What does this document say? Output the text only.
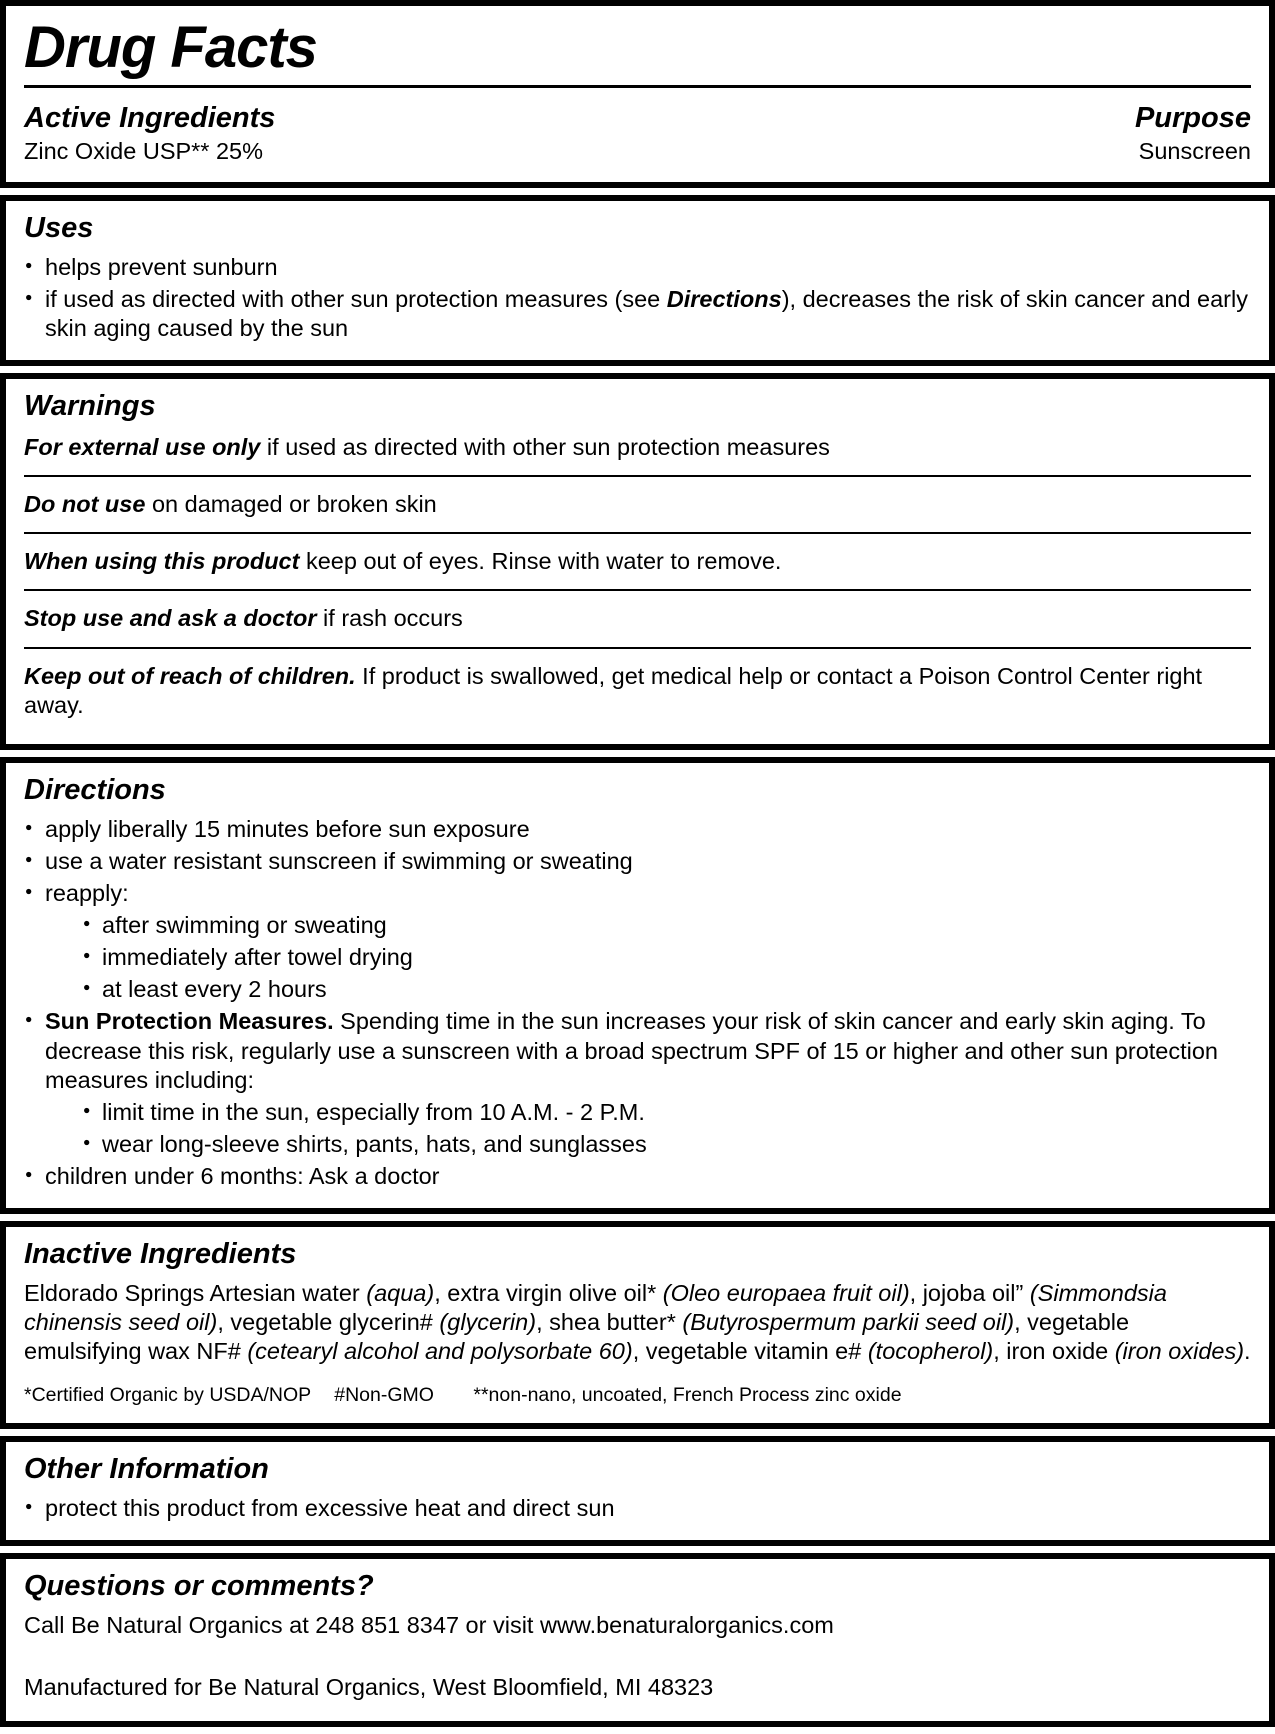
Drug Facts
Active Ingredients	Purpose
Zinc Oxide USP** 25%	Sunscreen
Uses
● helps prevent sunburn
● if used as directed with other sun protection measures (see Directions), decreases the risk of skin cancer and early skin aging caused by the sun
Warnings

For external use only if used as directed with other sun protection measures

Do not use on damaged or broken skin

When using this product keep out of eyes. Rinse with water to remove.

Stop use and ask a doctor if rash occurs

Keep out of reach of children. If product is swallowed, get medical help or contact a Poison Control Center right away.

Directions
● apply liberally 15 minutes before sun exposure
● use a water resistant sunscreen if swimming or sweating
● reapply:
● after swimming or sweating
● immediately after towel drying
● at least every 2 hours
● Sun Protection Measures. Spending time in the sun increases your risk of skin cancer and early skin aging. To decrease this risk, regularly use a sunscreen with a broad spectrum SPF of 15 or higher and other sun protection measures including:
● limit time in the sun, especially from 10 A.M. - 2 P.M.
● wear long-sleeve shirts, pants, hats, and sunglasses
● children under 6 months: Ask a doctor
Inactive Ingredients

Eldorado Springs Artesian water (aqua), extra virgin olive oil* (Oleo europaea fruit oil), jojoba oil” (Simmondsia chinensis seed oil), vegetable glycerin# (glycerin), shea butter* (Butyrospermum parkii seed oil), vegetable emulsifying wax NF# (cetearyl alcohol and polysorbate 60), vegetable vitamin e# (tocopherol), iron oxide (iron oxides).

*Certified Organic by USDA/NOP #Non-GMO **non-nano, uncoated, French Process zinc oxide

Other Information
● protect this product from excessive heat and direct sun
Questions or comments?

Call Be Natural Organics at 248 851 8347 or visit www.benaturalorganics.com

Manufactured for Be Natural Organics, West Bloomfield, MI 48323
